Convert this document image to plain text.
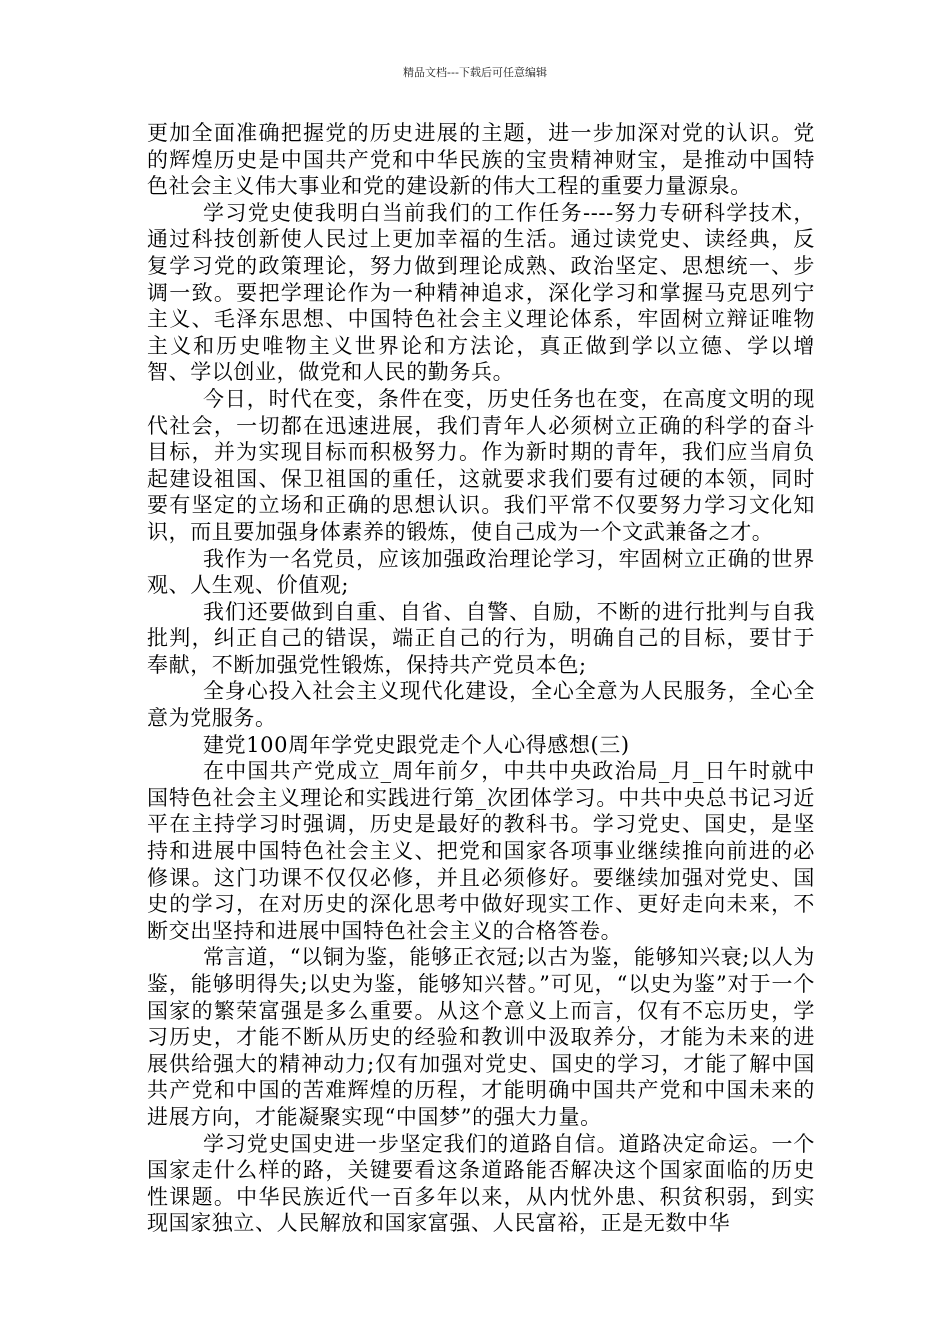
精品文档---下载后可任意编辑

更加全面准确把握党的历史进展的主题，进一步加深对党的认识。党的辉煌历史是中国共产党和中华民族的宝贵精神财宝，是推动中国特色社会主义伟大事业和党的建设新的伟大工程的重要力量源泉。

学习党史使我明白当前我们的工作任务----努力专研科学技术，通过科技创新使人民过上更加幸福的生活。通过读党史、读经典，反复学习党的政策理论，努力做到理论成熟、政治坚定、思想统一、步调一致。要把学理论作为一种精神追求，深化学习和掌握马克思列宁主义、毛泽东思想、中国特色社会主义理论体系，牢固树立辩证唯物主义和历史唯物主义世界论和方法论，真正做到学以立德、学以增智、学以创业，做党和人民的勤务兵。

今日，时代在变，条件在变，历史任务也在变，在高度文明的现代社会，一切都在迅速进展，我们青年人必须树立正确的科学的奋斗目标，并为实现目标而积极努力。作为新时期的青年，我们应当肩负起建设祖国、保卫祖国的重任，这就要求我们要有过硬的本领，同时要有坚定的立场和正确的思想认识。我们平常不仅要努力学习文化知识，而且要加强身体素养的锻炼，使自己成为一个文武兼备之才。

我作为一名党员，应该加强政治理论学习，牢固树立正确的世界观、人生观、价值观;

我们还要做到自重、自省、自警、自励，不断的进行批判与自我批判，纠正自己的错误，端正自己的行为，明确自己的目标，要甘于奉献，不断加强党性锻炼，保持共产党员本色;

全身心投入社会主义现代化建设，全心全意为人民服务，全心全意为党服务。

建党100周年学党史跟党走个人心得感想(三)

在中国共产党成立_周年前夕，中共中央政治局_月_日午时就中国特色社会主义理论和实践进行第_次团体学习。中共中央总书记习近平在主持学习时强调，历史是最好的教科书。学习党史、国史，是坚持和进展中国特色社会主义、把党和国家各项事业继续推向前进的必修课。这门功课不仅仅必修，并且必须修好。要继续加强对党史、国史的学习，在对历史的深化思考中做好现实工作、更好走向未来，不断交出坚持和进展中国特色社会主义的合格答卷。

常言道，“以铜为鉴，能够正衣冠;以古为鉴，能够知兴衰;以人为鉴，能够明得失;以史为鉴，能够知兴替。”可见，“以史为鉴”对于一个国家的繁荣富强是多么重要。从这个意义上而言，仅有不忘历史，学习历史，才能不断从历史的经验和教训中汲取养分，才能为未来的进展供给强大的精神动力;仅有加强对党史、国史的学习，才能了解中国共产党和中国的苦难辉煌的历程，才能明确中国共产党和中国未来的进展方向，才能凝聚实现“中国梦”的强大力量。

学习党史国史进一步坚定我们的道路自信。道路决定命运。一个国家走什么样的路，关键要看这条道路能否解决这个国家面临的历史性课题。中华民族近代一百多年以来，从内忧外患、积贫积弱，到实现国家独立、人民解放和国家富强、人民富裕，正是无数中华
